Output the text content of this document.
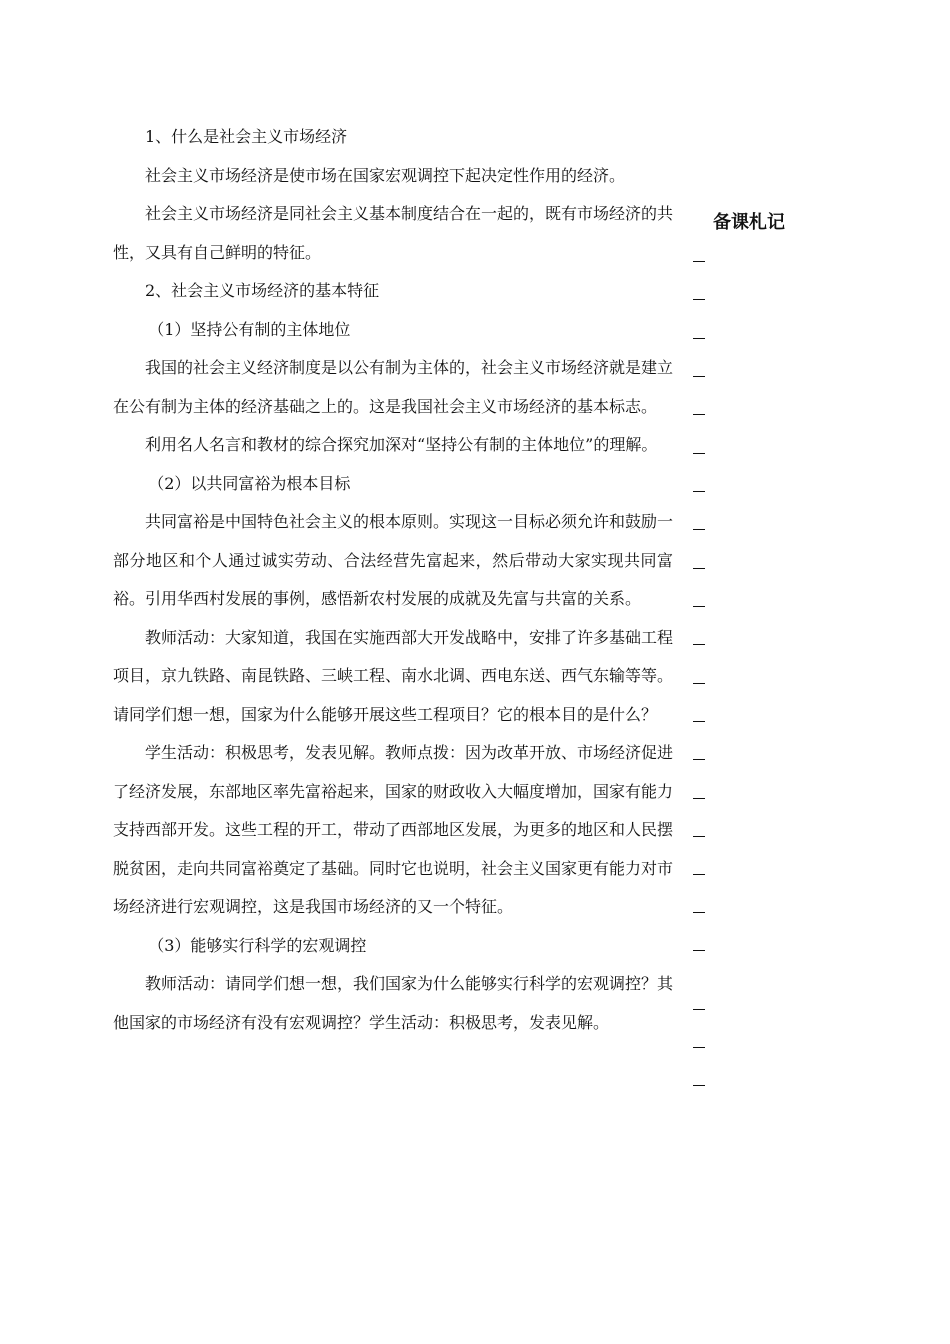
1、什么是社会主义市场经济

社会主义市场经济是使市场在国家宏观调控下起决定性作用的经济。

社会主义市场经济是同社会主义基本制度结合在一起的，既有市场经济的共性，又具有自己鲜明的特征。

2、社会主义市场经济的基本特征

（1）坚持公有制的主体地位

我国的社会主义经济制度是以公有制为主体的，社会主义市场经济就是建立在公有制为主体的经济基础之上的。这是我国社会主义市场经济的基本标志。

利用名人名言和教材的综合探究加深对“坚持公有制的主体地位”的理解。

（2）以共同富裕为根本目标

共同富裕是中国特色社会主义的根本原则。实现这一目标必须允许和鼓励一部分地区和个人通过诚实劳动、合法经营先富起来，然后带动大家实现共同富裕。引用华西村发展的事例，感悟新农村发展的成就及先富与共富的关系。

教师活动：大家知道，我国在实施西部大开发战略中，安排了许多基础工程项目，京九铁路、南昆铁路、三峡工程、南水北调、西电东送、西气东输等等。请同学们想一想，国家为什么能够开展这些工程项目？它的根本目的是什么？

学生活动：积极思考，发表见解。教师点拨：因为改革开放、市场经济促进了经济发展，东部地区率先富裕起来，国家的财政收入大幅度增加，国家有能力支持西部开发。这些工程的开工，带动了西部地区发展，为更多的地区和人民摆脱贫困，走向共同富裕奠定了基础。同时它也说明，社会主义国家更有能力对市场经济进行宏观调控，这是我国市场经济的又一个特征。

（3）能够实行科学的宏观调控

教师活动：请同学们想一想，我们国家为什么能够实行科学的宏观调控？其他国家的市场经济有没有宏观调控？学生活动：积极思考，发表见解。

备课札记
